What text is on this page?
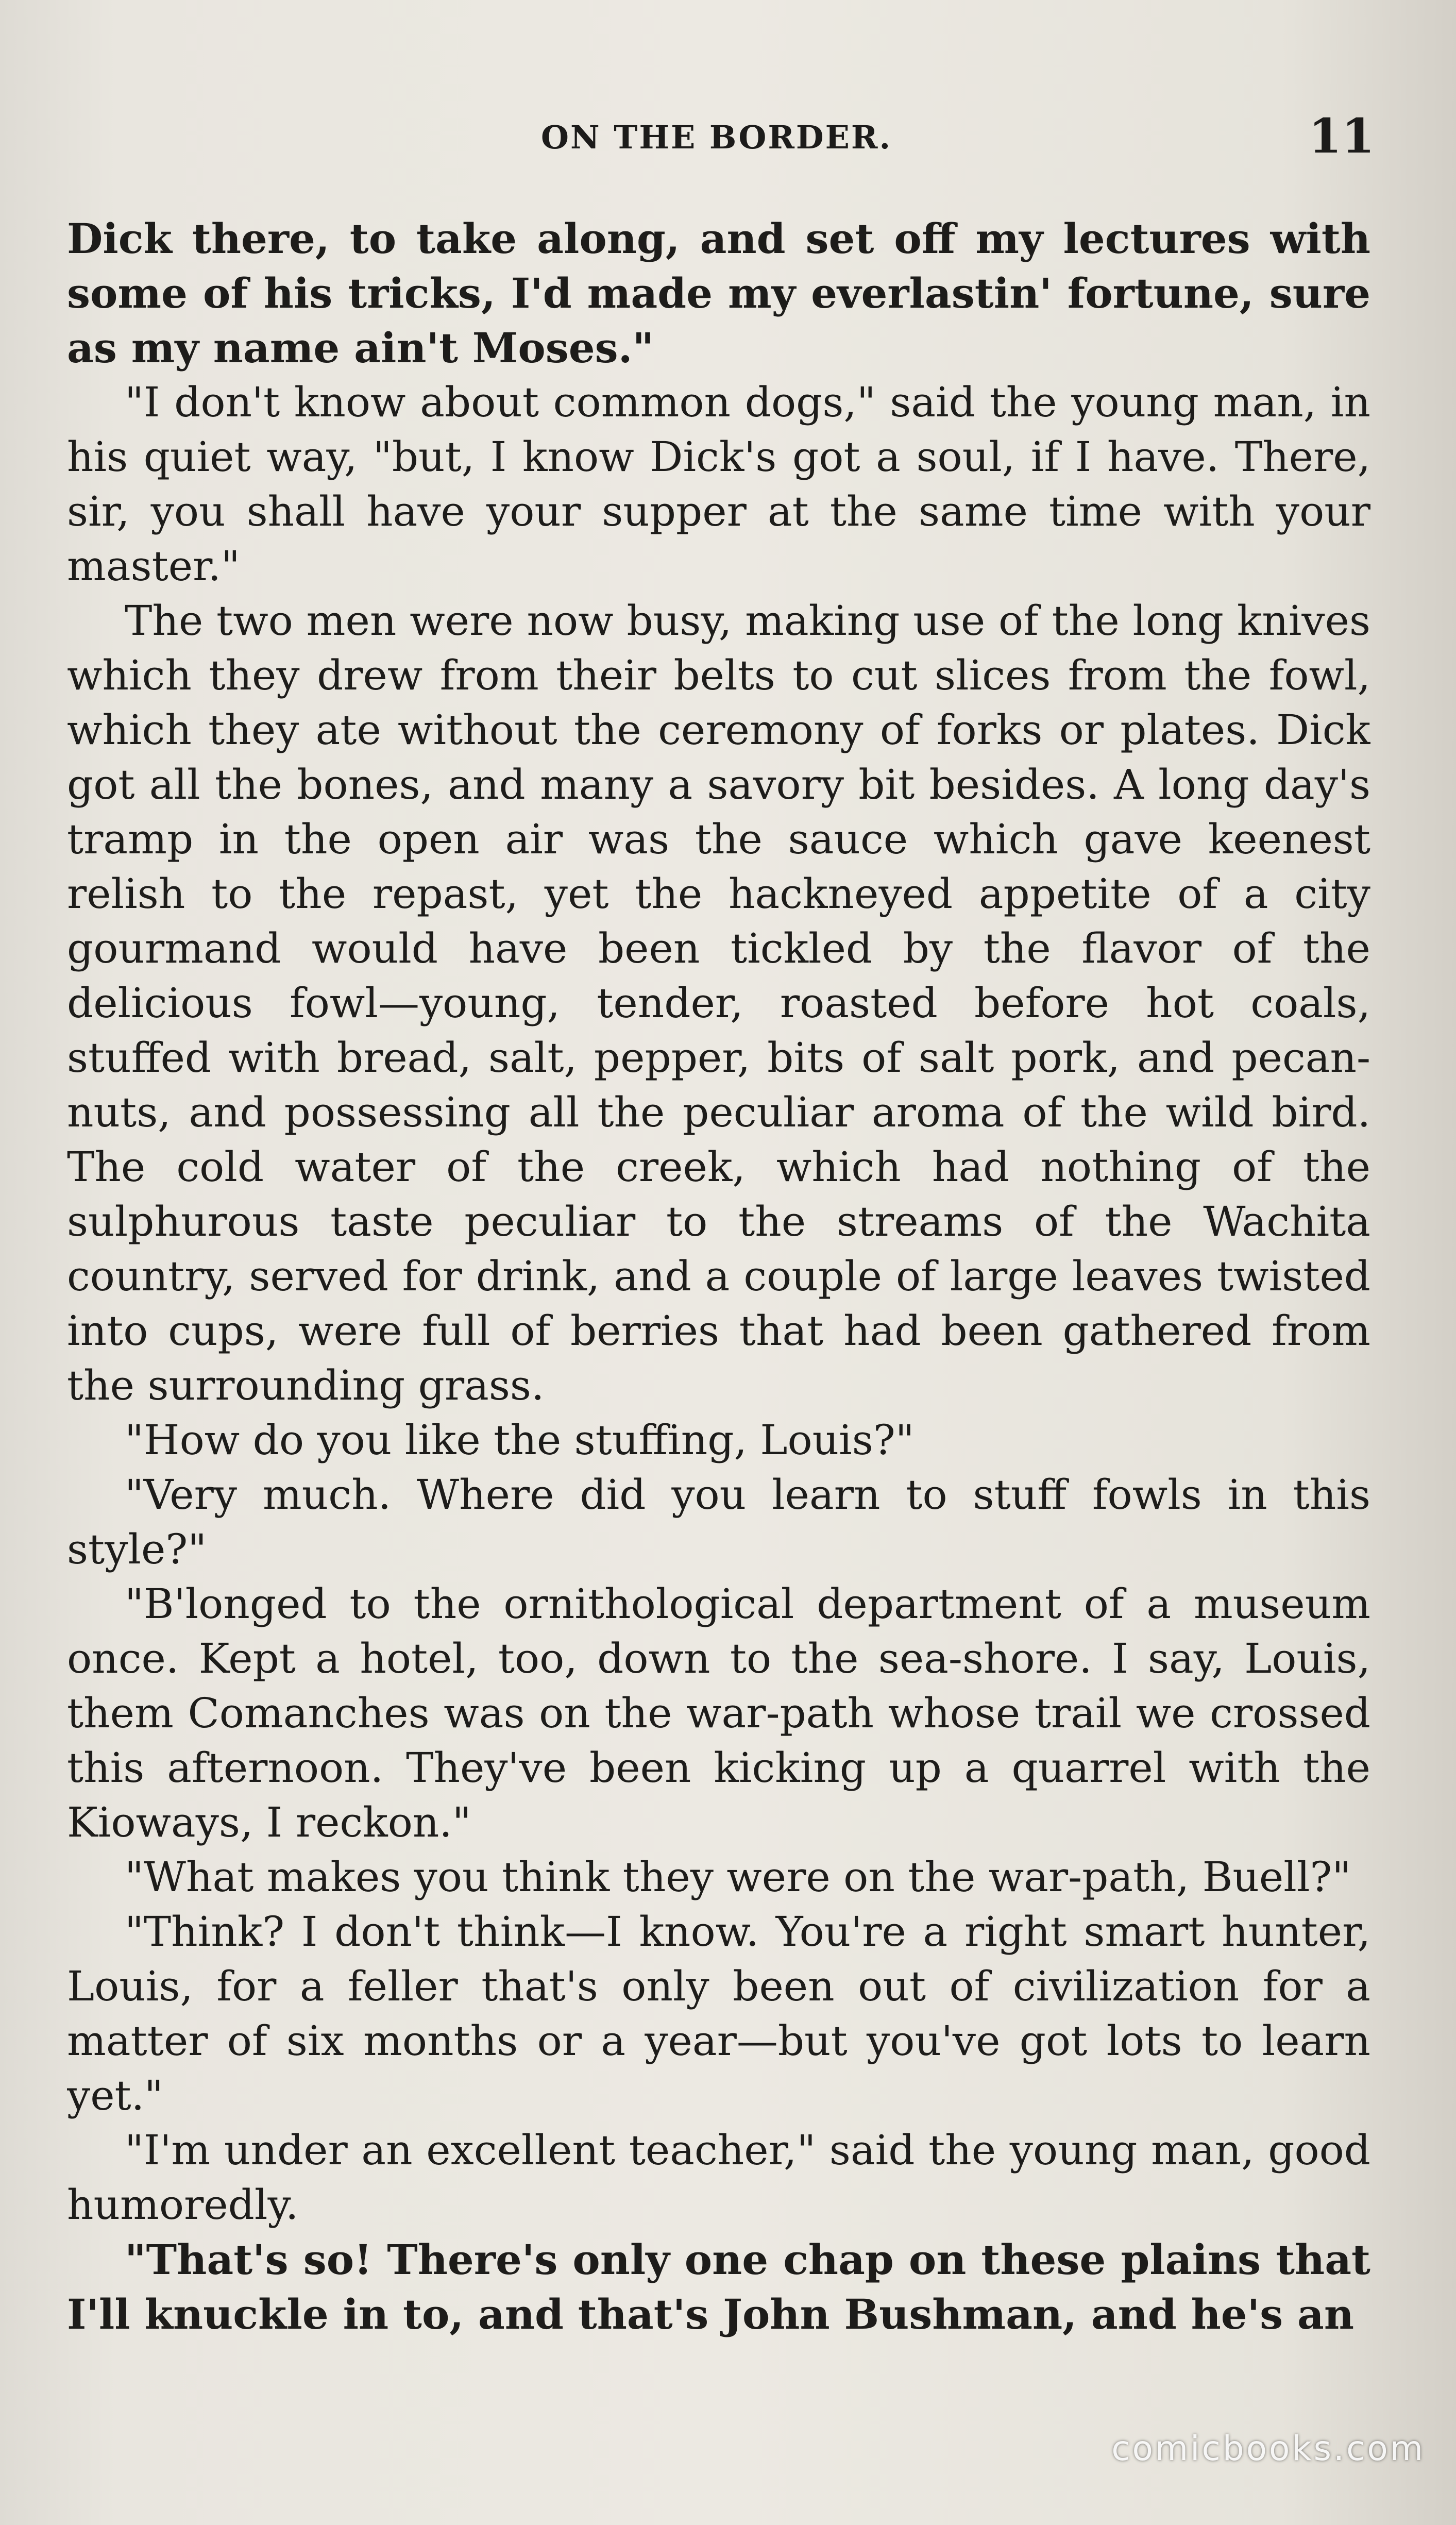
ON THE BORDER.	11

Dick there, to take along, and set off my lectures with some of his tricks, I'd made my everlastin' fortune, sure as my name ain't Moses."

"I don't know about common dogs," said the young man, in his quiet way, "but, I know Dick's got a soul, if I have. There, sir, you shall have your supper at the same time with your master."

The two men were now busy, making use of the long knives which they drew from their belts to cut slices from the fowl, which they ate without the ceremony of forks or plates. Dick got all the bones, and many a savory bit besides. A long day's tramp in the open air was the sauce which gave keenest relish to the repast, yet the hackneyed appetite of a city gourmand would have been tickled by the flavor of the delicious fowl—young, tender, roasted before hot coals, stuffed with bread, salt, pepper, bits of salt pork, and pecan-nuts, and possessing all the peculiar aroma of the wild bird. The cold water of the creek, which had nothing of the sulphurous taste peculiar to the streams of the Wachita country, served for drink, and a couple of large leaves twisted into cups, were full of berries that had been gathered from the surrounding grass.

"How do you like the stuffing, Louis?"

"Very much. Where did you learn to stuff fowls in this style?"

"B'longed to the ornithological department of a museum once. Kept a hotel, too, down to the sea-shore. I say, Louis, them Comanches was on the war-path whose trail we crossed this afternoon. They've been kicking up a quarrel with the Kioways, I reckon."

"What makes you think they were on the war-path, Buell?"

"Think? I don't think—I know. You're a right smart hunter, Louis, for a feller that's only been out of civilization for a matter of six months or a year—but you've got lots to learn yet."

"I'm under an excellent teacher," said the young man, good humoredly.

"That's so! There's only one chap on these plains that I'll knuckle in to, and that's John Bushman, and he's an

comicbooks.com
